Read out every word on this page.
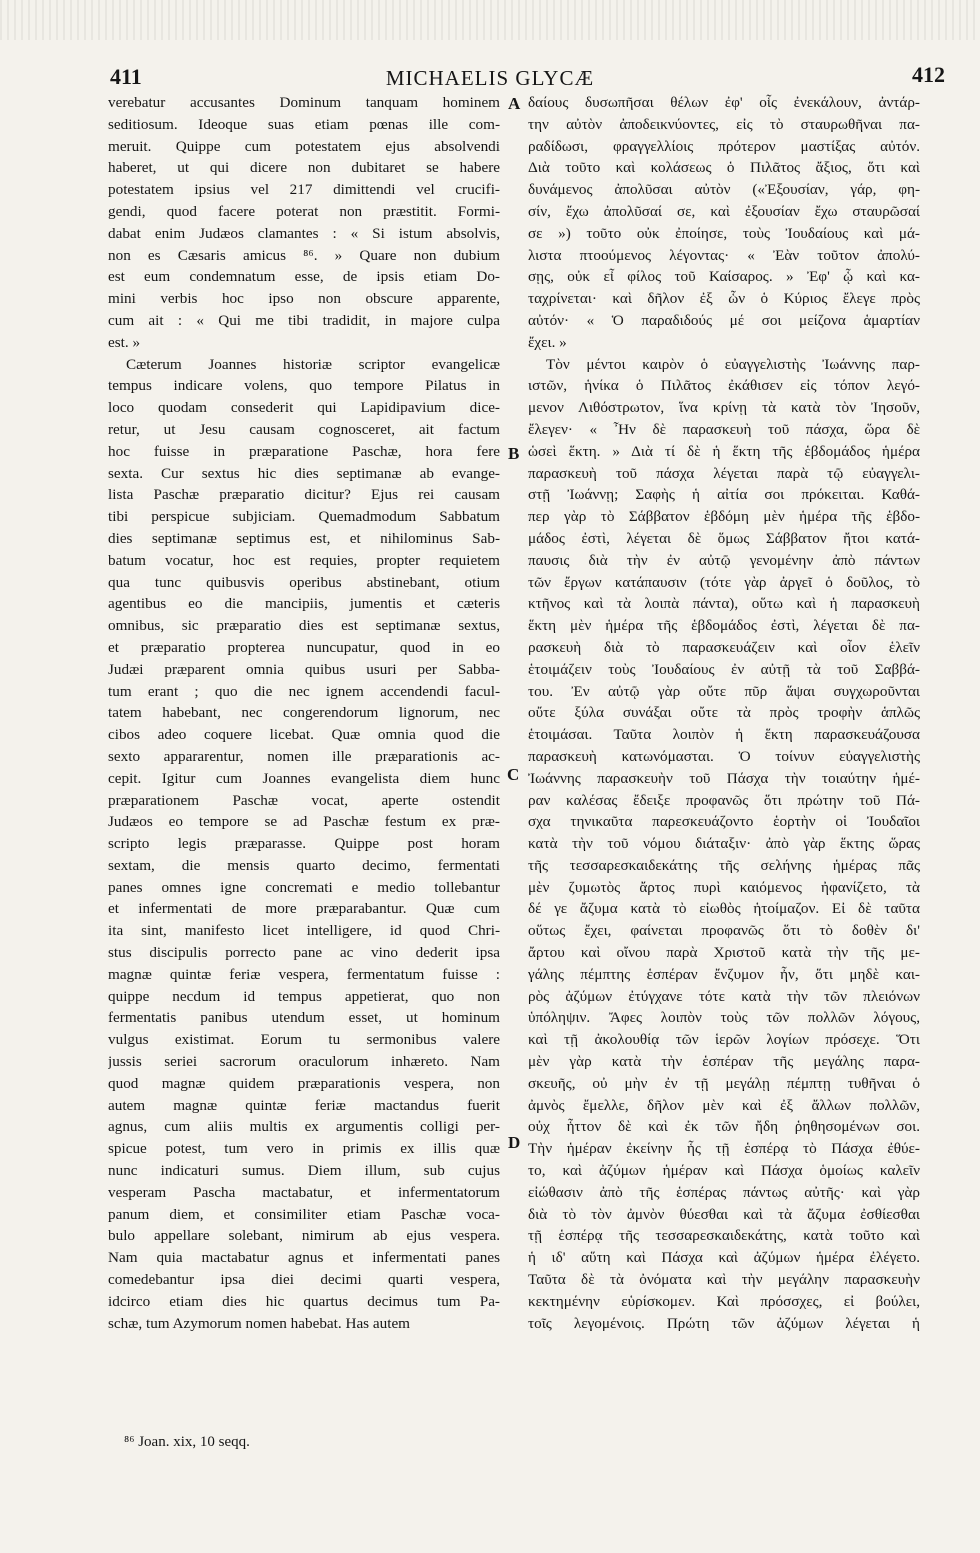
411	MICHAELIS GLYCÆ	412
verebatur accusantes Dominum tanquam hominem
seditiosum. Ideoque suas etiam pœnas ille com-
meruit. Quippe cum potestatem ejus absolvendi
haberet, ut qui dicere non dubitaret se habere
potestatem ipsius vel 217 dimittendi vel crucifi-
gendi, quod facere poterat non præstitit. Formi-
dabat enim Judæos clamantes : « Si istum absolvis,
non es Cæsaris amicus ⁸⁶. » Quare non dubium
est eum condemnatum esse, de ipsis etiam Do-
mini verbis hoc ipso non obscure apparente,
cum ait : « Qui me tibi tradidit, in majore culpa
est. »
Cæterum Joannes historiæ scriptor evangelicæ
tempus indicare volens, quo tempore Pilatus in
loco quodam consederit qui Lapidipavium dice-
retur, ut Jesu causam cognosceret, ait factum
hoc fuisse in præparatione Paschæ, hora fere
sexta. Cur sextus hic dies septimanæ ab evange-
lista Paschæ præparatio dicitur? Ejus rei causam
tibi perspicue subjiciam. Quemadmodum Sabbatum
dies septimanæ septimus est, et nihilominus Sab-
batum vocatur, hoc est requies, propter requietem
qua tunc quibusvis operibus abstinebant, otium
agentibus eo die mancipiis, jumentis et cæteris
omnibus, sic præparatio dies est septimanæ sextus,
et præparatio propterea nuncupatur, quod in eo
Judæi præparent omnia quibus usuri per Sabba-
tum erant ; quo die nec ignem accendendi facul-
tatem habebant, nec congerendorum lignorum, nec
cibos adeo coquere licebat. Quæ omnia quod die
sexto appararentur, nomen ille præparationis ac-
cepit. Igitur cum Joannes evangelista diem hunc
præparationem Paschæ vocat, aperte ostendit
Judæos eo tempore se ad Paschæ festum ex præ-
scripto legis præparasse. Quippe post horam
sextam, die mensis quarto decimo, fermentati
panes omnes igne concremati e medio tollebantur
et infermentati de more præparabantur. Quæ cum
ita sint, manifesto licet intelligere, id quod Chri-
stus discipulis porrecto pane ac vino dederit ipsa
magnæ quintæ feriæ vespera, fermentatum fuisse :
quippe necdum id tempus appetierat, quo non
fermentatis panibus utendum esset, ut hominum
vulgus existimat. Eorum tu sermonibus valere
jussis seriei sacrorum oraculorum inhæreto. Nam
quod magnæ quidem præparationis vespera, non
autem magnæ quintæ feriæ mactandus fuerit
agnus, cum aliis multis ex argumentis colligi per-
spicue potest, tum vero in primis ex illis quæ
nunc indicaturi sumus. Diem illum, sub cujus
vesperam Pascha mactabatur, et infermentatorum
panum diem, et consimiliter etiam Paschæ voca-
bulo appellare solebant, nimirum ab ejus vespera.
Nam quia mactabatur agnus et infermentati panes
comedebantur ipsa diei decimi quarti vespera,
idcirco etiam dies hic quartus decimus tum Pa-
schæ, tum Azymorum nomen habebat. Has autem
δαίους δυσωπῆσαι θέλων ἐφ' οἷς ἐνεκάλουν, ἀντάρ-
την αὐτὸν ἀποδεικνύοντες, εἰς τὸ σταυρωθῆναι πα-
ραδίδωσι, φραγγελλίοις πρότερον μαστίξας αὐτόν.
Διὰ τοῦτο καὶ κολάσεως ὁ Πιλᾶτος ἄξιος, ὅτι καὶ
δυνάμενος ἀπολῦσαι αὐτὸν («Ἐξουσίαν, γάρ, φη-
σίν, ἔχω ἀπολῦσαί σε, καὶ ἐξουσίαν ἔχω σταυρῶσαί
σε ») τοῦτο οὐκ ἐποίησε, τοὺς Ἰουδαίους καὶ μά-
λιστα πτοούμενος λέγοντας· « Ἐὰν τοῦτον ἀπολύ-
σῃς, οὐκ εἶ φίλος τοῦ Καίσαρος. » Ἐφ' ᾧ καὶ κα-
ταχρίνεται· καὶ δῆλον ἐξ ὧν ὁ Κύριος ἔλεγε πρὸς
αὐτόν· « Ὁ παραδιδούς μέ σοι μείζονα ἁμαρτίαν
ἔχει. »
Τὸν μέντοι καιρὸν ὁ εὐαγγελιστὴς Ἰωάννης παρ-
ιστῶν, ἡνίκα ὁ Πιλᾶτος ἐκάθισεν εἰς τόπον λεγό-
μενον Λιθόστρωτον, ἵνα κρίνῃ τὰ κατὰ τὸν Ἰησοῦν,
ἔλεγεν· « Ἦν δὲ παρασκευὴ τοῦ πάσχα, ὥρα δὲ
ὡσεὶ ἕκτη. » Διὰ τί δὲ ἡ ἕκτη τῆς ἑβδομάδος ἡμέρα
παρασκευὴ τοῦ πάσχα λέγεται παρὰ τῷ εὐαγγελι-
στῇ Ἰωάννῃ; Σαφὴς ἡ αἰτία σοι πρόκειται. Καθά-
περ γὰρ τὸ Σάββατον ἑβδόμη μὲν ἡμέρα τῆς ἑβδο-
μάδος ἐστὶ, λέγεται δὲ ὅμως Σάββατον ἤτοι κατά-
παυσις διὰ τὴν ἐν αὐτῷ γενομένην ἀπὸ πάντων
τῶν ἔργων κατάπαυσιν (τότε γὰρ ἀργεῖ ὁ δοῦλος, τὸ
κτῆνος καὶ τὰ λοιπὰ πάντα), οὕτω καὶ ἡ παρασκευὴ
ἕκτη μὲν ἡμέρα τῆς ἑβδομάδος ἐστὶ, λέγεται δὲ πα-
ρασκευὴ διὰ τὸ παρασκευάζειν καὶ οἷον ἑλεῖν
ἑτοιμάζειν τοὺς Ἰουδαίους ἐν αὐτῇ τὰ τοῦ Σαββά-
του. Ἐν αὐτῷ γὰρ οὔτε πῦρ ἅψαι συγχωροῦνται
οὔτε ξύλα συνάξαι οὔτε τὰ πρὸς τροφὴν ἁπλῶς
ἑτοιμάσαι. Ταῦτα λοιπὸν ἡ ἕκτη παρασκευάζουσα
παρασκευὴ κατωνόμασται. Ὁ τοίνυν εὐαγγελιστὴς
Ἰωάννης παρασκευὴν τοῦ Πάσχα τὴν τοιαύτην ἡμέ-
ραν καλέσας ἔδειξε προφανῶς ὅτι πρώτην τοῦ Πά-
σχα τηνικαῦτα παρεσκευάζοντο ἑορτὴν οἱ Ἰουδαῖοι
κατὰ τὴν τοῦ νόμου διάταξιν· ἀπὸ γὰρ ἕκτης ὥρας
τῆς τεσσαρεσκαιδεκάτης τῆς σελήνης ἡμέρας πᾶς
μὲν ζυμωτὸς ἄρτος πυρὶ καιόμενος ἠφανίζετο, τὰ
δέ γε ἄζυμα κατὰ τὸ εἰωθὸς ἡτοίμαζον. Εἰ δὲ ταῦτα
οὕτως ἔχει, φαίνεται προφανῶς ὅτι τὸ δοθὲν δι'
ἄρτου καὶ οἴνου παρὰ Χριστοῦ κατὰ τὴν τῆς με-
γάλης πέμπτης ἑσπέραν ἔνζυμον ἦν, ὅτι μηδὲ και-
ρὸς ἀζύμων ἐτύγχανε τότε κατὰ τὴν τῶν πλειόνων
ὑπόληψιν. Ἄφες λοιπὸν τοὺς τῶν πολλῶν λόγους,
καὶ τῇ ἀκολουθίᾳ τῶν ἱερῶν λογίων πρόσεχε. Ὅτι
μὲν γὰρ κατὰ τὴν ἑσπέραν τῆς μεγάλης παρα-
σκευῆς, οὐ μὴν ἐν τῇ μεγάλῃ πέμπτῃ τυθῆναι ὁ
ἀμνὸς ἔμελλε, δῆλον μὲν καὶ ἐξ ἄλλων πολλῶν,
οὐχ ἧττον δὲ καὶ ἐκ τῶν ἤδη ῥηθησομένων σοι.
Τὴν ἡμέραν ἐκείνην ἧς τῇ ἑσπέρᾳ τὸ Πάσχα ἐθύε-
το, καὶ ἀζύμων ἡμέραν καὶ Πάσχα ὁμοίως καλεῖν
εἰώθασιν ἀπὸ τῆς ἑσπέρας πάντως αὐτῆς· καὶ γὰρ
διὰ τὸ τὸν ἀμνὸν θύεσθαι καὶ τὰ ἄζυμα ἐσθίεσθαι
τῇ ἑσπέρᾳ τῆς τεσσαρεσκαιδεκάτης, κατὰ τοῦτο καὶ
ἡ ιδ' αὕτη καὶ Πάσχα καὶ ἀζύμων ἡμέρα ἐλέγετο.
Ταῦτα δὲ τὰ ὀνόματα καὶ τὴν μεγάλην παρασκευὴν
κεκτημένην εὑρίσκομεν. Καὶ πρόσσχες, εἰ βούλει,
τοῖς λεγομένοις. Πρώτη τῶν ἀζύμων λέγεται ἡ
A
B
C
D
⁸⁶ Joan. xix, 10 seqq.
